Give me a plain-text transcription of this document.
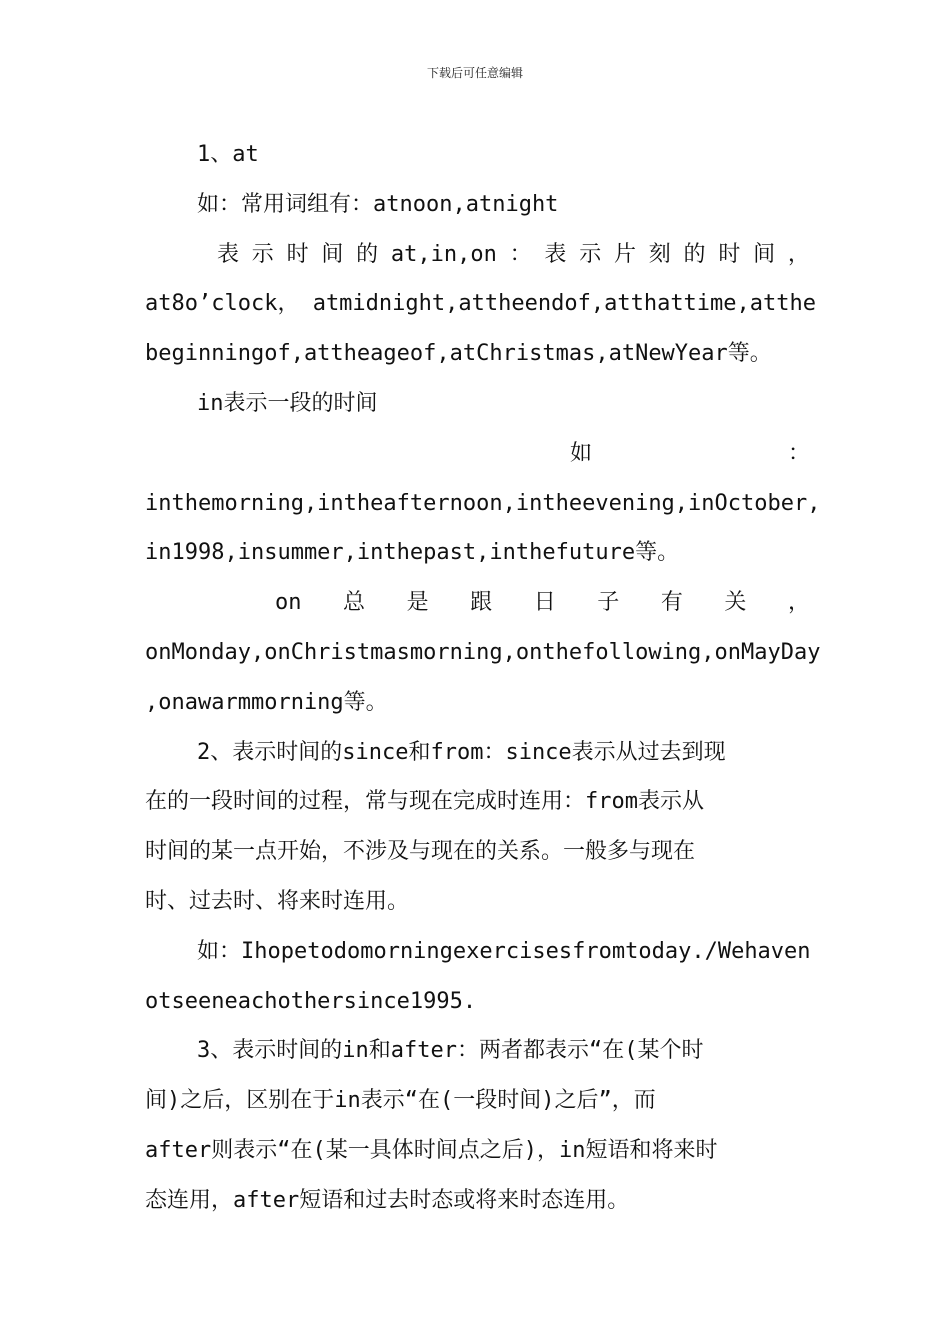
下载后可任意编辑
1、at
如：常用词组有：atnoon,atnight
表 示 时 间 的 at,in,on ： 表 示 片 刻 的 时 间 ，
at8o’clock， atmidnight,attheendof,atthattime,atthe
beginningof,attheageof,atChristmas,atNewYear等。
in表示一段的时间
如	：
inthemorning,intheafternoon,intheevening,inOctober,
in1998,insummer,inthepast,inthefuture等。
on 总 是 跟 日 子 有 关 ，
onMonday,onChristmasmorning,onthefollowing,onMayDay
,onawarmmorning等。
2、表示时间的since和from：since表示从过去到现
在的一段时间的过程，常与现在完成时连用：from表示从
时间的某一点开始，不涉及与现在的关系。一般多与现在
时、过去时、将来时连用。
如：Ihopetodomorningexercisesfromtoday./Wehaven
otseeneachothersince1995.
3、表示时间的in和after：两者都表示“在(某个时
间)之后，区别在于in表示“在(一段时间)之后”，而
after则表示“在(某一具体时间点之后)，in短语和将来时
态连用，after短语和过去时态或将来时态连用。
